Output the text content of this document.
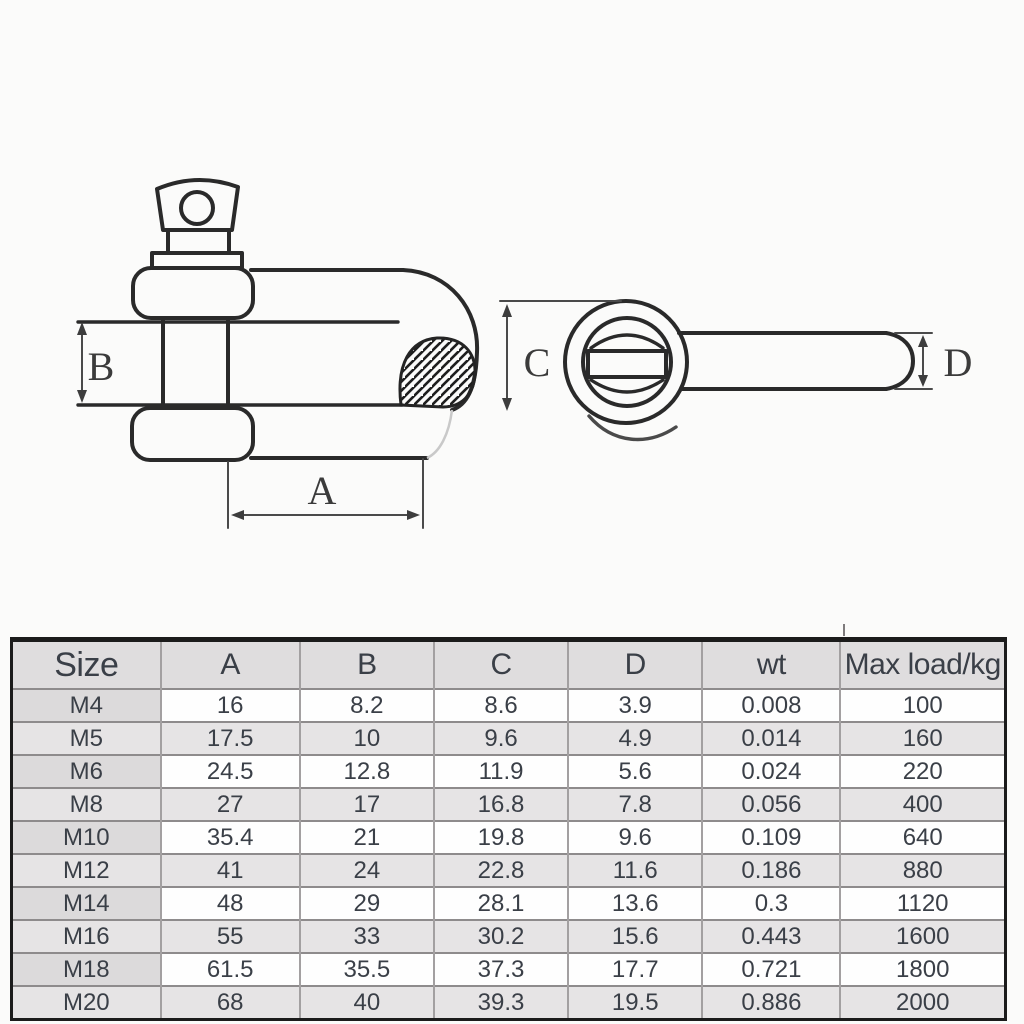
B
A
C	D
Size	A	B	C	D	wt	Max load/kg
M4	16	8.2	8.6	3.9	0.008	100
M5	17.5	10	9.6	4.9	0.014	160
M6	24.5	12.8	11.9	5.6	0.024	220
M8	27	17	16.8	7.8	0.056	400
M10	35.4	21	19.8	9.6	0.109	640
M12	41	24	22.8	11.6	0.186	880
M14	48	29	28.1	13.6	0.3	1120
M16	55	33	30.2	15.6	0.443	1600
M18	61.5	35.5	37.3	17.7	0.721	1800
M20	68	40	39.3	19.5	0.886	2000
